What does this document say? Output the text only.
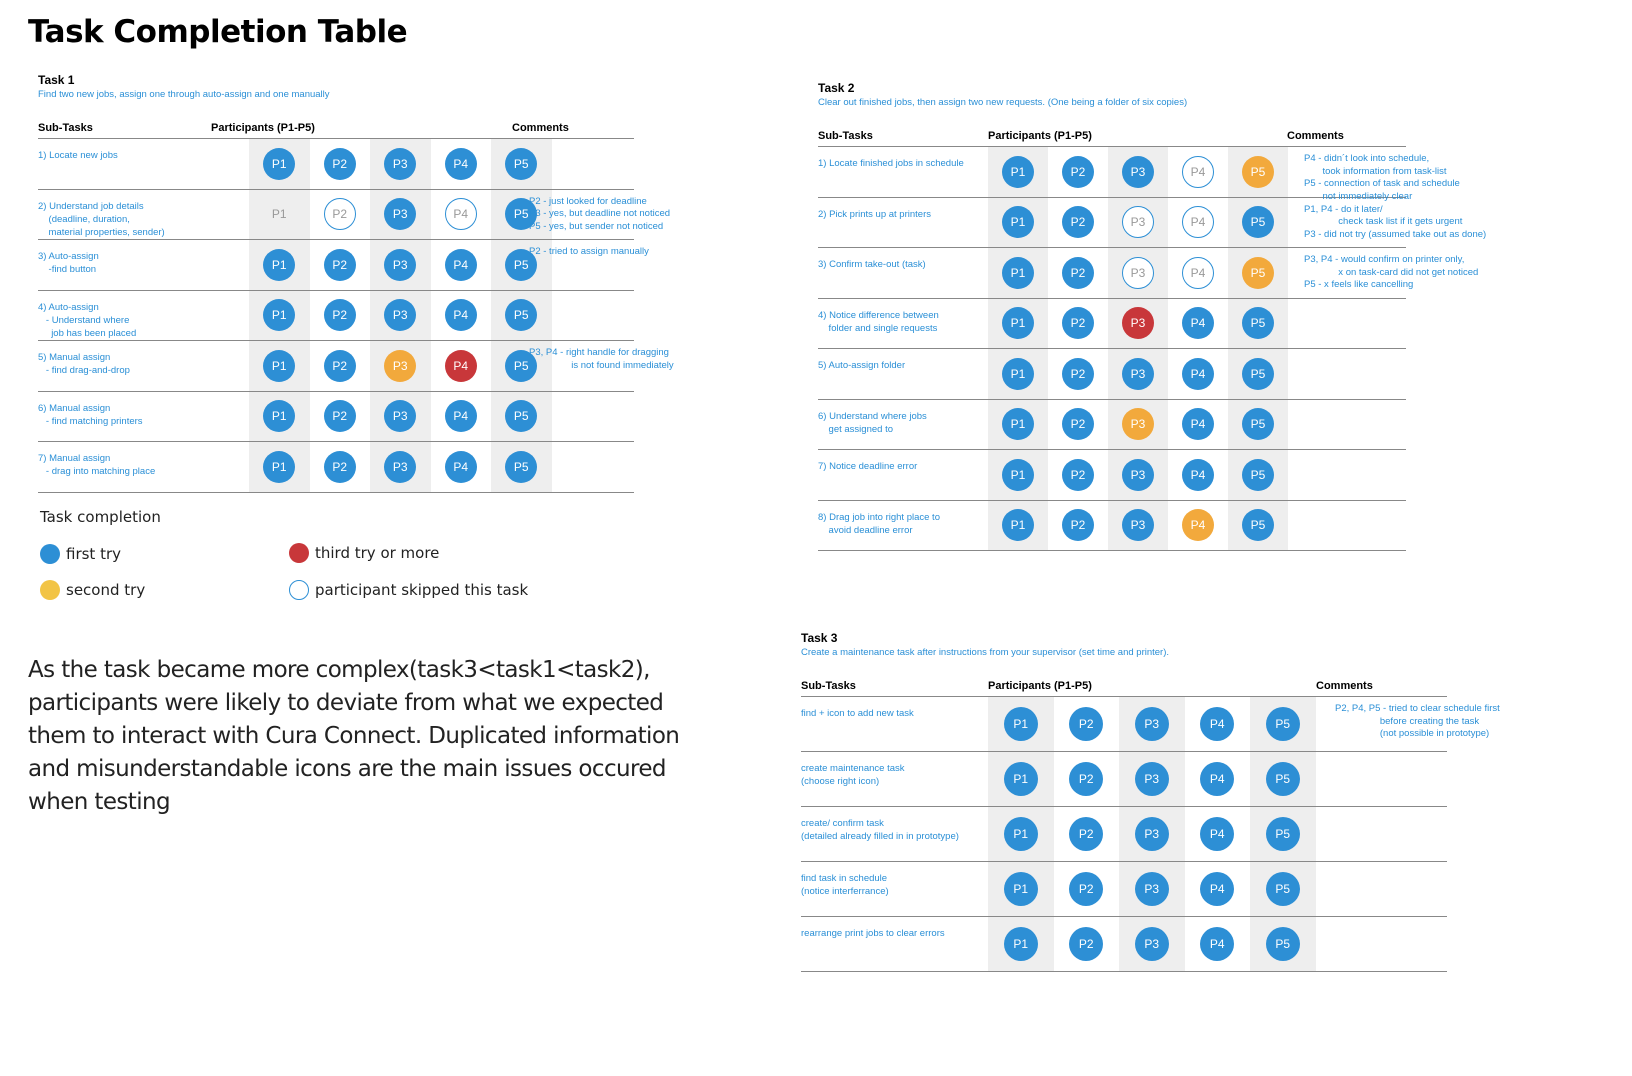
Task Completion Table
Task 1
Find two new jobs, assign one through auto-assign and one manually
Sub-Tasks	Participants (P1-P5)	Comments
1) Locate new jobs
P1	P2	P3	P4	P5
2) Understand job details
(deadline, duration,
material properties, sender)
P1	P2	P3	P4	P5
P2 - just looked for deadline
P3 - yes, but deadline not noticed
P5 - yes, but sender not noticed
3) Auto-assign
-find button	P1	P2	P3	P4	P5
P2 - tried to assign manually
4) Auto-assign
- Understand where
job has been placed
P1	P2	P3	P4	P5
5) Manual assign
- find drag-and-drop	P1	P2	P3	P4	P5
P3, P4 - right handle for dragging
is not found immediately
6) Manual assign
- find matching printers	P1	P2	P3	P4	P5
7) Manual assign
- drag into matching place	P1	P2	P3	P4	P5
Task 2
Clear out finished jobs, then assign two new requests. (One being a folder of six copies)
Sub-Tasks	Participants (P1-P5)	Comments
1) Locate finished jobs in schedule
P1	P2	P3	P4	P5
P4 - didn´t look into schedule,
took information from task-list
P5 - connection of task and schedule
not immediately clear
2) Pick prints up at printers
P1	P2	P3	P4	P5
P1, P4 - do it later/
check task list if it gets urgent
P3 - did not try (assumed take out as done)
3) Confirm take-out (task)
P1	P2	P3	P4	P5
P3, P4 - would confirm on printer only,
x on task-card did not get noticed
P5 - x feels like cancelling
4) Notice difference between
folder and single requests	P1	P2	P3	P4	P5
5) Auto-assign folder
P1	P2	P3	P4	P5
6) Understand where jobs
get assigned to	P1	P2	P3	P4	P5
7) Notice deadline error
P1	P2	P3	P4	P5
8) Drag job into right place to
avoid deadline error	P1	P2	P3	P4	P5
Task 3
Create a maintenance task after instructions from your supervisor (set time and printer).
Sub-Tasks	Participants (P1-P5)	Comments
find + icon to add new task
P1	P2	P3	P4	P5
P2, P4, P5 - tried to clear schedule first
before creating the task
(not possible in prototype)
create maintenance task
(choose right icon)	P1	P2	P3	P4	P5
create/ confirm task
(detailed already filled in in prototype)	P1	P2	P3	P4	P5
find task in schedule
(notice interferrance)	P1	P2	P3	P4	P5
rearrange print jobs to clear errors
P1	P2	P3	P4	P5
Task completion
first try
second try
third try or more
participant skipped this task
As the task became more complex(task3<task1<task2), participants were likely to deviate from what we expected them to interact with Cura Connect. Duplicated information and misunderstandable icons are the main issues occured when testing
